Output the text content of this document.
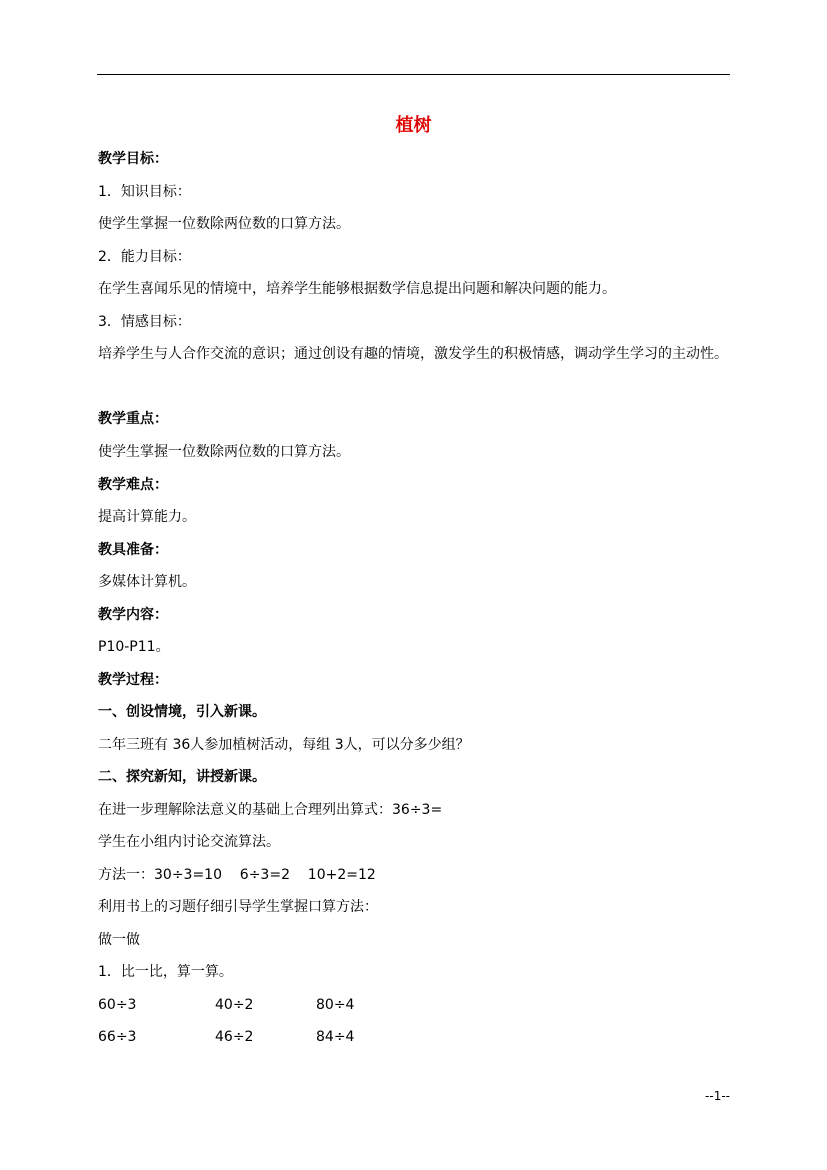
植树
教学目标：
1．知识目标：
使学生掌握一位数除两位数的口算方法。
2．能力目标：
在学生喜闻乐见的情境中，培养学生能够根据数学信息提出问题和解决问题的能力。
3．情感目标：
培养学生与人合作交流的意识；通过创设有趣的情境，激发学生的积极情感，调动学生学习的主动性。
教学重点：
使学生掌握一位数除两位数的口算方法。
教学难点：
提高计算能力。
教具准备：
多媒体计算机。
教学内容：
P10-P11。
教学过程：
一、创设情境，引入新课。
二年三班有 36人参加植树活动，每组 3人，可以分多少组？
二、探究新知，讲授新课。
在进一步理解除法意义的基础上合理列出算式：36÷3=
学生在小组内讨论交流算法。
方法一：30÷3=10    6÷3=2    10+2=12
利用书上的习题仔细引导学生掌握口算方法：
做一做
1．比一比，算一算。
60÷3	40÷2	80÷4
66÷3	46÷2	84÷4
--1--
